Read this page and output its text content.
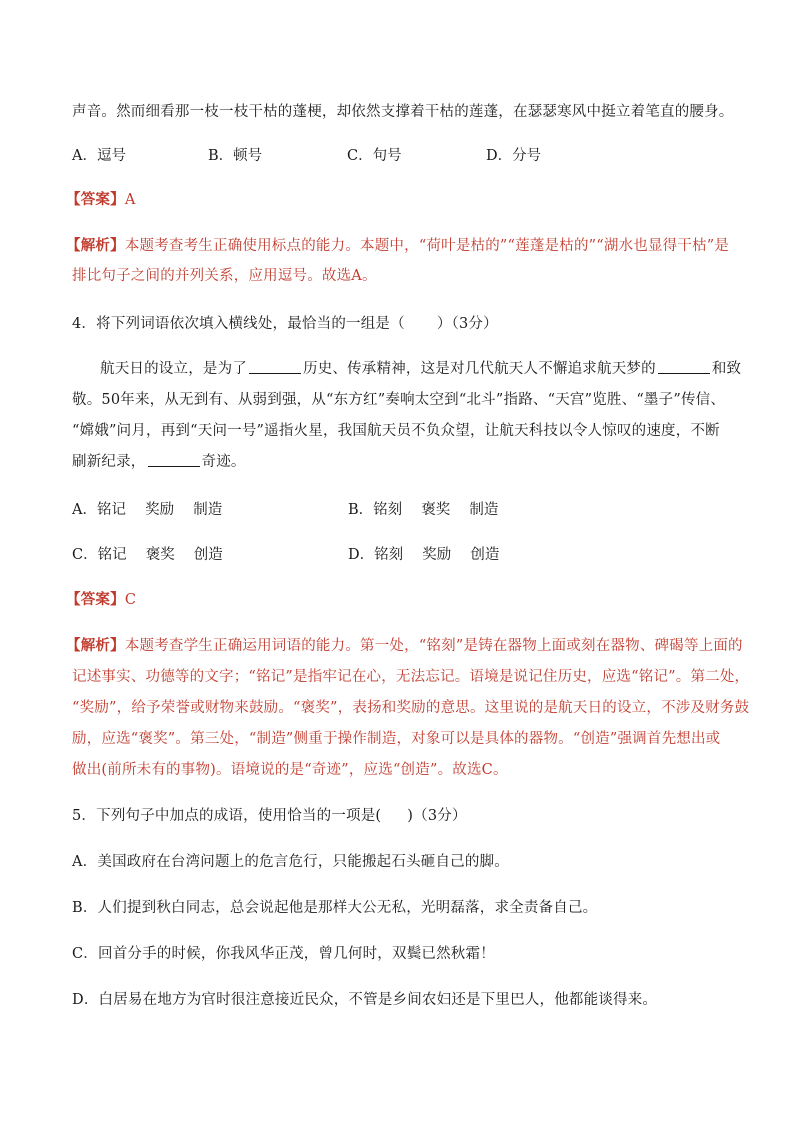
声音。然而细看那一枝一枝干枯的蓬梗，却依然支撑着干枯的莲蓬，在瑟瑟寒风中挺立着笔直的腰身。
A．逗号	B．顿号	C．句号	D．分号
【答案】A
【解析】本题考查考生正确使用标点的能力。本题中，“荷叶是枯的”“莲蓬是枯的”“湖水也显得干枯”是
排比句子之间的并列关系，应用逗号。故选A。
4．将下列词语依次填入横线处，最恰当的一组是（ ）（3分）
航天日的设立，是为了	历史、传承精神，这是对几代航天人不懈追求航天梦的	和致
敬。50年来，从无到有、从弱到强，从“东方红”奏响太空到“北斗”指路、“天宫”览胜、“墨子”传信、
“嫦娥”问月，再到“天问一号”遥指火星，我国航天员不负众望，让航天科技以令人惊叹的速度，不断
刷新纪录，	奇迹。
A．铭记　 奖励　 制造	B．铭刻　 褒奖　 制造
C．铭记　 褒奖　 创造	D．铭刻　 奖励　 创造
【答案】C
【解析】本题考查学生正确运用词语的能力。第一处，“铭刻”是铸在器物上面或刻在器物、碑碣等上面的
记述事实、功德等的文字；“铭记”是指牢记在心，无法忘记。语境是说记住历史，应选“铭记”。第二处，
“奖励”，给予荣誉或财物来鼓励。“褒奖”，表扬和奖励的意思。这里说的是航天日的设立，不涉及财务鼓
励，应选“褒奖”。第三处，“制造”侧重于操作制造，对象可以是具体的器物。“创造”强调首先想出或
做出(前所未有的事物)。语境说的是“奇迹”，应选“创造”。故选C。
5．下列句子中加点的成语，使用恰当的一项是( )（3分）
A．美国政府在台湾问题上的危言危行，只能搬起石头砸自己的脚。
B．人们提到秋白同志，总会说起他是那样大公无私，光明磊落，求全责备自己。
C．回首分手的时候，你我风华正茂，曾几何时，双鬓已然秋霜！
D．白居易在地方为官时很注意接近民众，不管是乡间农妇还是下里巴人，他都能谈得来。
